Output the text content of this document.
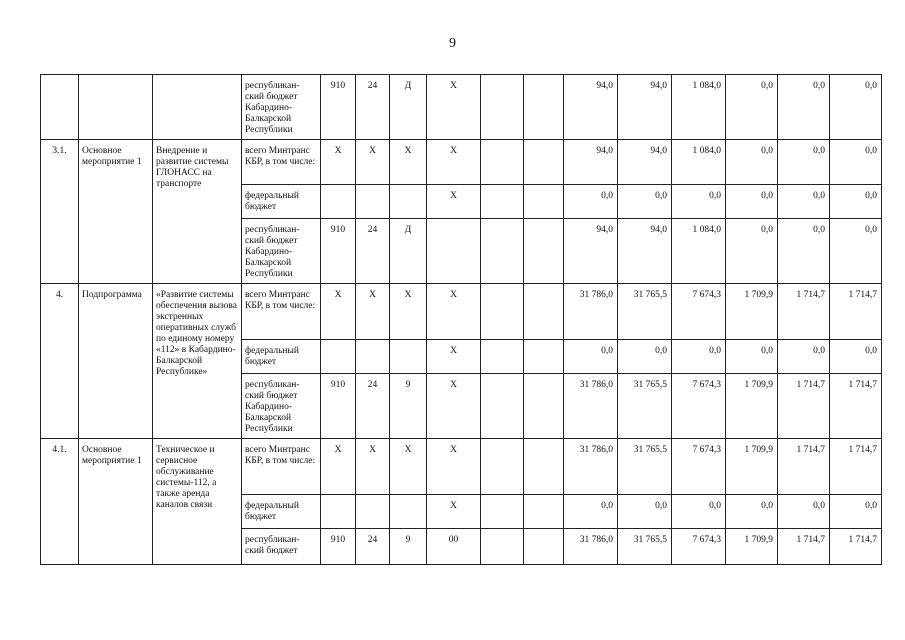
9
			республикан-ский бюджет Кабардино-Балкарской Республики	910	24	Д	Х			94,0	94,0	1 084,0	0,0	0,0	0,0
3.1.	Основное мероприятие 1	Внедрение и развитие системы ГЛОНАСС на транспорте	всего Минтранс КБР, в том числе:	Х	Х	Х	Х			94,0	94,0	1 084,0	0,0	0,0	0,0
			федеральный бюджет				Х			0,0	0,0	0,0	0,0	0,0	0,0
			республикан-ский бюджет Кабардино-Балкарской Республики	910	24	Д				94,0	94,0	1 084,0	0,0	0,0	0,0
4.	Подпрограмма	«Развитие системы обеспечения вызова экстренных оперативных служб по единому номеру «112» в Кабардино-Балкарской Республике»	всего Минтранс КБР, в том числе:	Х	Х	Х	Х			31 786,0	31 765,5	7 674,3	1 709,9	1 714,7	1 714,7
			федеральный бюджет				Х			0,0	0,0	0,0	0,0	0,0	0,0
			республикан-ский бюджет Кабардино-Балкарской Республики	910	24	9	Х			31 786,0	31 765,5	7 674,3	1 709,9	1 714,7	1 714,7
4.1.	Основное мероприятие 1	Техническое и сервисное обслуживание системы-112, а также аренда каналов связи	всего Минтранс КБР, в том числе:	Х	Х	Х	Х			31 786,0	31 765,5	7 674,3	1 709,9	1 714,7	1 714,7
			федеральный бюджет				Х			0,0	0,0	0,0	0,0	0,0	0,0
			республикан-ский бюджет	910	24	9	00			31 786,0	31 765,5	7 674,3	1 709,9	1 714,7	1 714,7
